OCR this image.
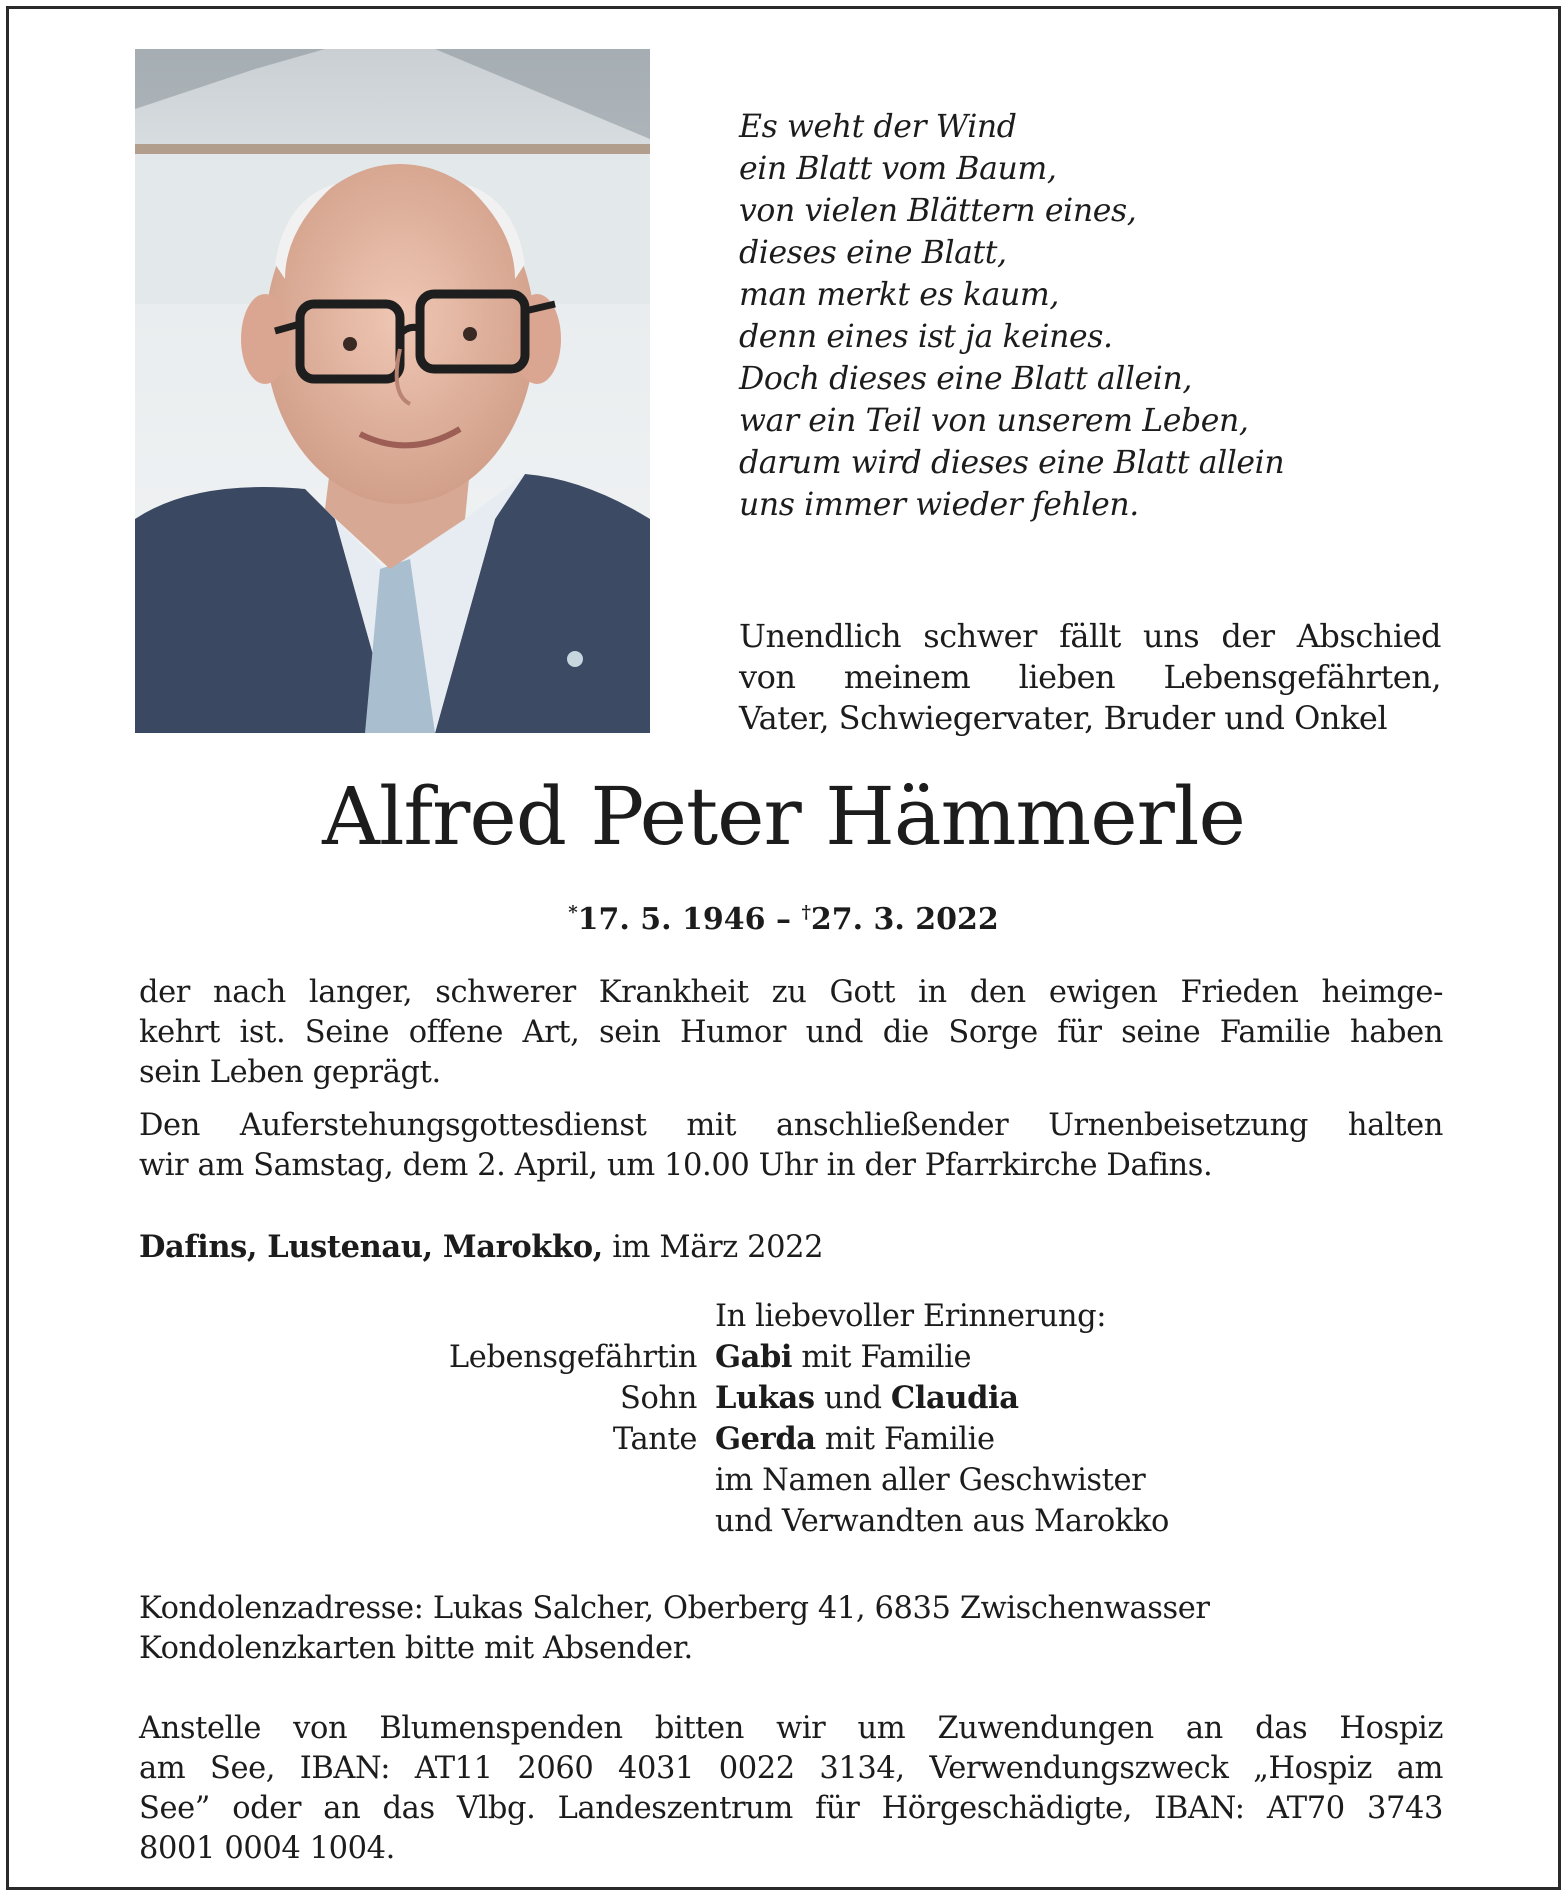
Es weht der Wind
ein Blatt vom Baum,
von vielen Blättern eines,
dieses eine Blatt,
man merkt es kaum,
denn eines ist ja keines.
Doch dieses eine Blatt allein,
war ein Teil von unserem Leben,
darum wird dieses eine Blatt allein
uns immer wieder fehlen.
Unendlich schwer fällt uns der Abschied
von meinem lieben Lebensgefährten,
Vater, Schwiegervater, Bruder und Onkel
Alfred Peter Hämmerle
*17. 5. 1946 – †27. 3. 2022
der nach langer, schwerer Krankheit zu Gott in den ewigen Frieden heimge-
kehrt ist. Seine offene Art, sein Humor und die Sorge für seine Familie haben
sein Leben geprägt.
Den Auferstehungsgottesdienst mit anschließender Urnenbeisetzung halten
wir am Samstag, dem 2. April, um 10.00 Uhr in der Pfarrkirche Dafins.
Dafins, Lustenau, Marokko, im März 2022
In liebevoller Erinnerung:
Lebensgefährtin Gabi mit Familie
Sohn Lukas und Claudia
Tante Gerda mit Familie
im Namen aller Geschwister
und Verwandten aus Marokko
Kondolenzadresse: Lukas Salcher, Oberberg 41, 6835 Zwischenwasser
Kondolenzkarten bitte mit Absender.
Anstelle von Blumenspenden bitten wir um Zuwendungen an das Hospiz
am See, IBAN: AT11 2060 4031 0022 3134, Verwendungszweck „Hospiz am
See” oder an das Vlbg. Landeszentrum für Hörgeschädigte, IBAN: AT70 3743
8001 0004 1004.
